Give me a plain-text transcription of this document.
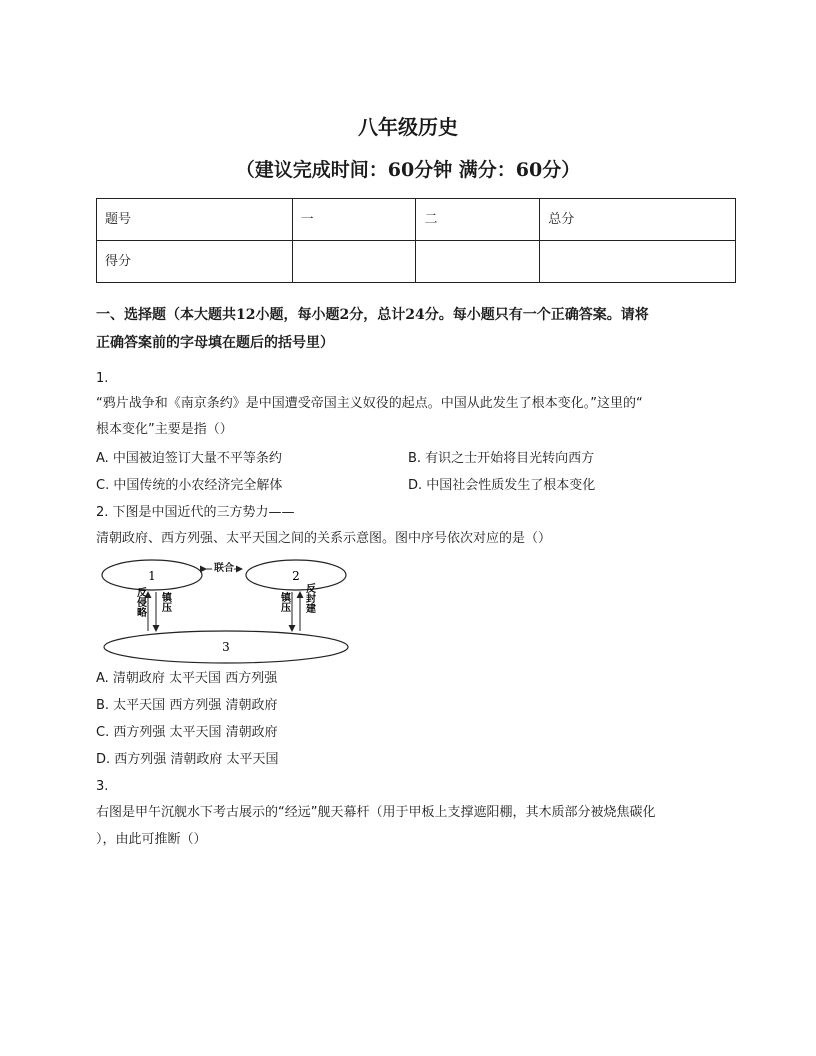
八年级历史
（建议完成时间：60分钟 满分：60分）
题号	一	二	总分
得分			
一、选择题（本大题共12小题，每小题2分，总计24分。每小题只有一个正确答案。请将
正确答案前的字母填在题后的括号里）
1.
“鸦片战争和《南京条约》是中国遭受帝国主义奴役的起点。中国从此发生了根本变化。”这里的“
根本变化”主要是指（）
A. 中国被迫签订大量不平等条约	B. 有识之士开始将目光转向西方
C. 中国传统的小农经济完全解体	D. 中国社会性质发生了根本变化
2. 下图是中国近代的三方势力——
清朝政府、西方列强、太平天国之间的关系示意图。图中序号依次对应的是（）
1	2
3
联合
反侵略 镇压	镇压 反封建
A. 清朝政府 太平天国 西方列强
B. 太平天国 西方列强 清朝政府
C. 西方列强 太平天国 清朝政府
D. 西方列强 清朝政府 太平天国
3.
右图是甲午沉舰水下考古展示的“经远”舰天幕杆（用于甲板上支撑遮阳棚，其木质部分被烧焦碳化
），由此可推断（）
